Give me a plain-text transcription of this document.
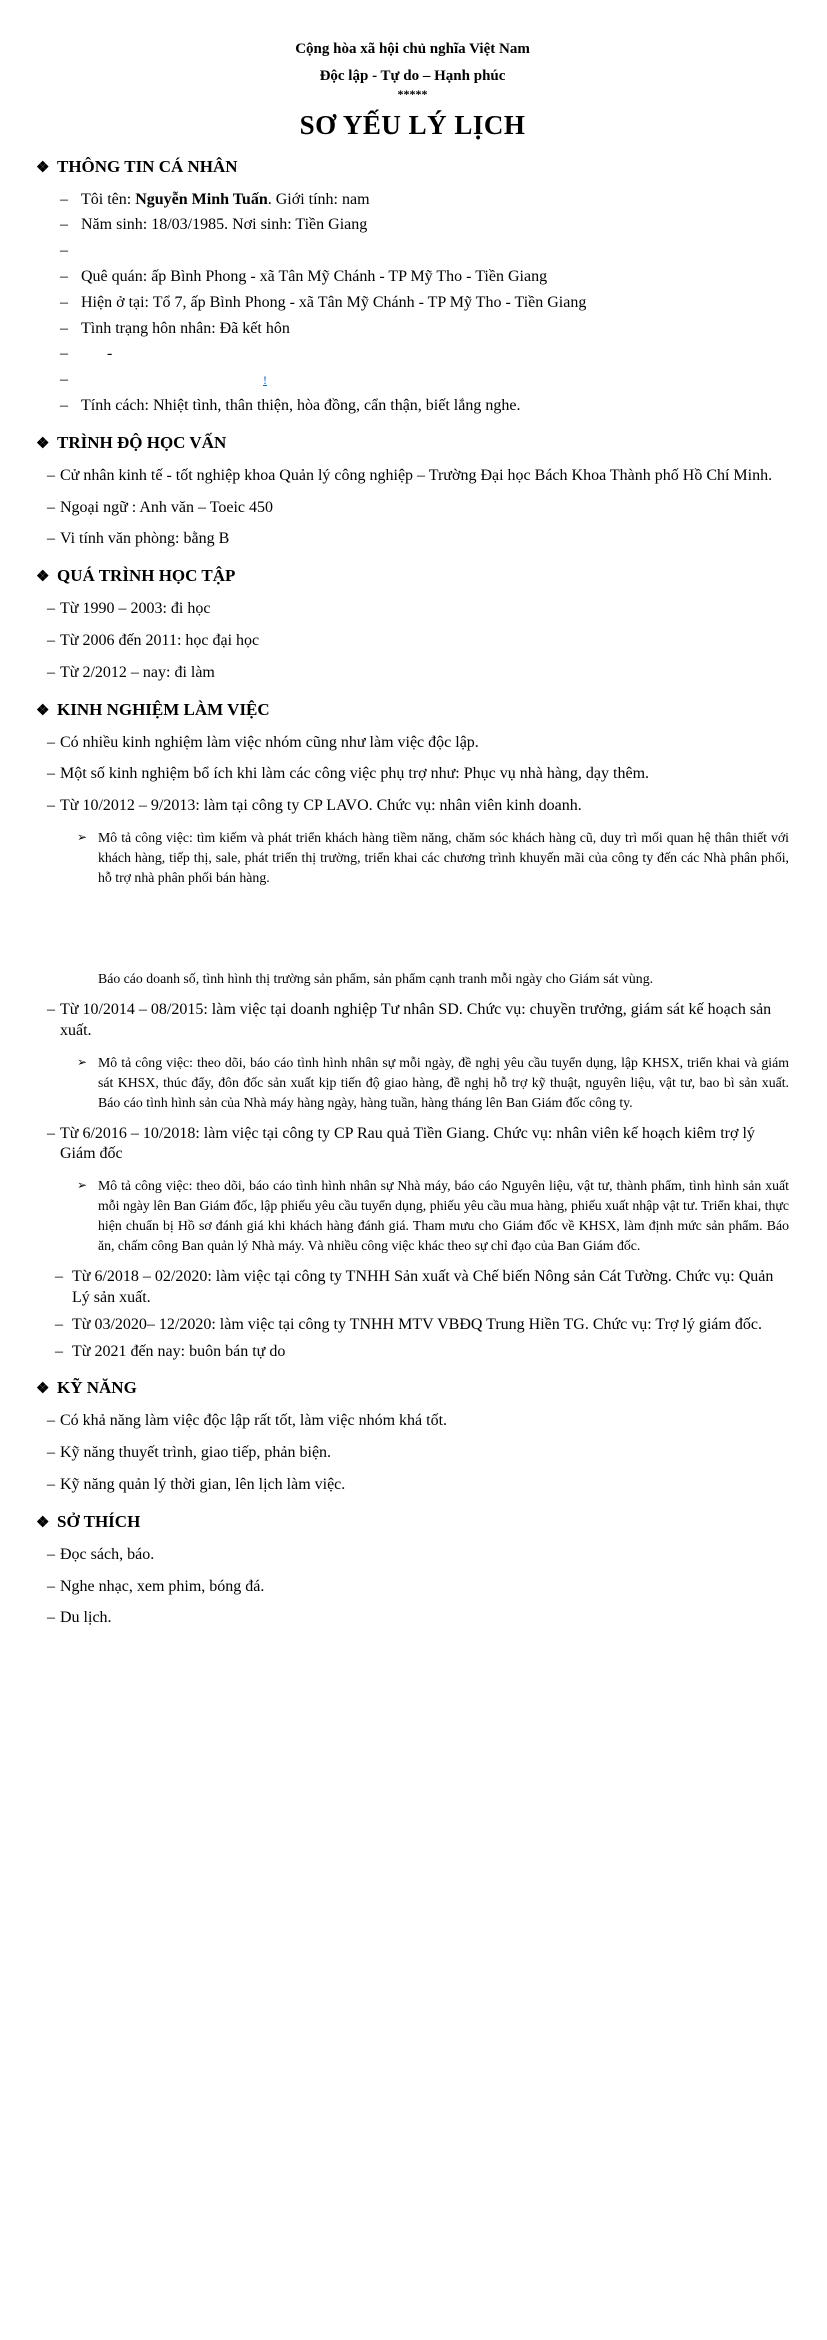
Cộng hòa xã hội chủ nghĩa Việt Nam
Độc lập - Tự do – Hạnh phúc
*****
SƠ YẾU LÝ LỊCH
❖ THÔNG TIN CÁ NHÂN
– Tôi tên: Nguyễn Minh Tuấn. Giới tính: nam
– Năm sinh: 18/03/1985. Nơi sinh: Tiền Giang
–
– Quê quán: ấp Bình Phong - xã Tân Mỹ Chánh - TP Mỹ Tho - Tiền Giang
– Hiện ở tại: Tổ 7, ấp Bình Phong - xã Tân Mỹ Chánh - TP Mỹ Tho - Tiền Giang
– Tình trạng hôn nhân: Đã kết hôn
–	-
–	!
– Tính cách: Nhiệt tình, thân thiện, hòa đồng, cẩn thận, biết lắng nghe.
❖ TRÌNH ĐỘ HỌC VẤN
– Cử nhân kinh tế - tốt nghiệp khoa Quản lý công nghiệp – Trường Đại học Bách Khoa Thành phố Hồ Chí Minh.
– Ngoại ngữ : Anh văn – Toeic 450
– Vi tính văn phòng: bằng B
❖ QUÁ TRÌNH HỌC TẬP
– Từ 1990 – 2003: đi học
– Từ 2006 đến 2011: học đại học
– Từ 2/2012 – nay: đi làm
❖ KINH NGHIỆM LÀM VIỆC
– Có nhiều kinh nghiệm làm việc nhóm cũng như làm việc độc lập.
– Một số kinh nghiệm bổ ích khi làm các công việc phụ trợ như: Phục vụ nhà hàng, dạy thêm.
– Từ 10/2012 – 9/2013: làm tại công ty CP LAVO. Chức vụ: nhân viên kinh doanh.
➢ Mô tả công việc: tìm kiếm và phát triển khách hàng tiềm năng, chăm sóc khách hàng cũ, duy trì mối quan hệ thân thiết với khách hàng, tiếp thị, sale, phát triển thị trường, triển khai các chương trình khuyến mãi của công ty đến các Nhà phân phối, hỗ trợ nhà phân phối bán hàng.
Báo cáo doanh số, tình hình thị trường sản phẩm, sản phẩm cạnh tranh mỗi ngày cho Giám sát vùng.
– Từ 10/2014 – 08/2015: làm việc tại doanh nghiệp Tư nhân SD. Chức vụ: chuyền trưởng, giám sát kế hoạch sản xuất.
➢ Mô tả công việc: theo dõi, báo cáo tình hình nhân sự mỗi ngày, đề nghị yêu cầu tuyển dụng, lập KHSX, triển khai và giám sát KHSX, thúc đẩy, đôn đốc sản xuất kịp tiến độ giao hàng, đề nghị hỗ trợ kỹ thuật, nguyên liệu, vật tư, bao bì sản xuất. Báo cáo tình hình sản của Nhà máy hàng ngày, hàng tuần, hàng tháng lên Ban Giám đốc công ty.
– Từ 6/2016 – 10/2018: làm việc tại công ty CP Rau quả Tiền Giang. Chức vụ: nhân viên kế hoạch kiêm trợ lý Giám đốc
➢ Mô tả công việc: theo dõi, báo cáo tình hình nhân sự Nhà máy, báo cáo Nguyên liệu, vật tư, thành phẩm, tình hình sản xuất mỗi ngày lên Ban Giám đốc, lập phiếu yêu cầu tuyển dụng, phiếu yêu cầu mua hàng, phiếu xuất nhập vật tư. Triển khai, thực hiện chuẩn bị Hồ sơ đánh giá khi khách hàng đánh giá. Tham mưu cho Giám đốc về KHSX, làm định mức sản phẩm. Báo ăn, chấm công Ban quản lý Nhà máy. Và nhiều công việc khác theo sự chỉ đạo của Ban Giám đốc.
– Từ 6/2018 – 02/2020: làm việc tại công ty TNHH Sản xuất và Chế biến Nông sản Cát Tường. Chức vụ: Quản Lý sản xuất.
– Từ 03/2020– 12/2020: làm việc tại công ty TNHH MTV VBĐQ Trung Hiền TG. Chức vụ: Trợ lý giám đốc.
– Từ 2021 đến nay: buôn bán tự do
❖ KỸ NĂNG
– Có khả năng làm việc độc lập rất tốt, làm việc nhóm khá tốt.
– Kỹ năng thuyết trình, giao tiếp, phản biện.
– Kỹ năng quản lý thời gian, lên lịch làm việc.
❖ SỞ THÍCH
– Đọc sách, báo.
– Nghe nhạc, xem phim, bóng đá.
– Du lịch.
